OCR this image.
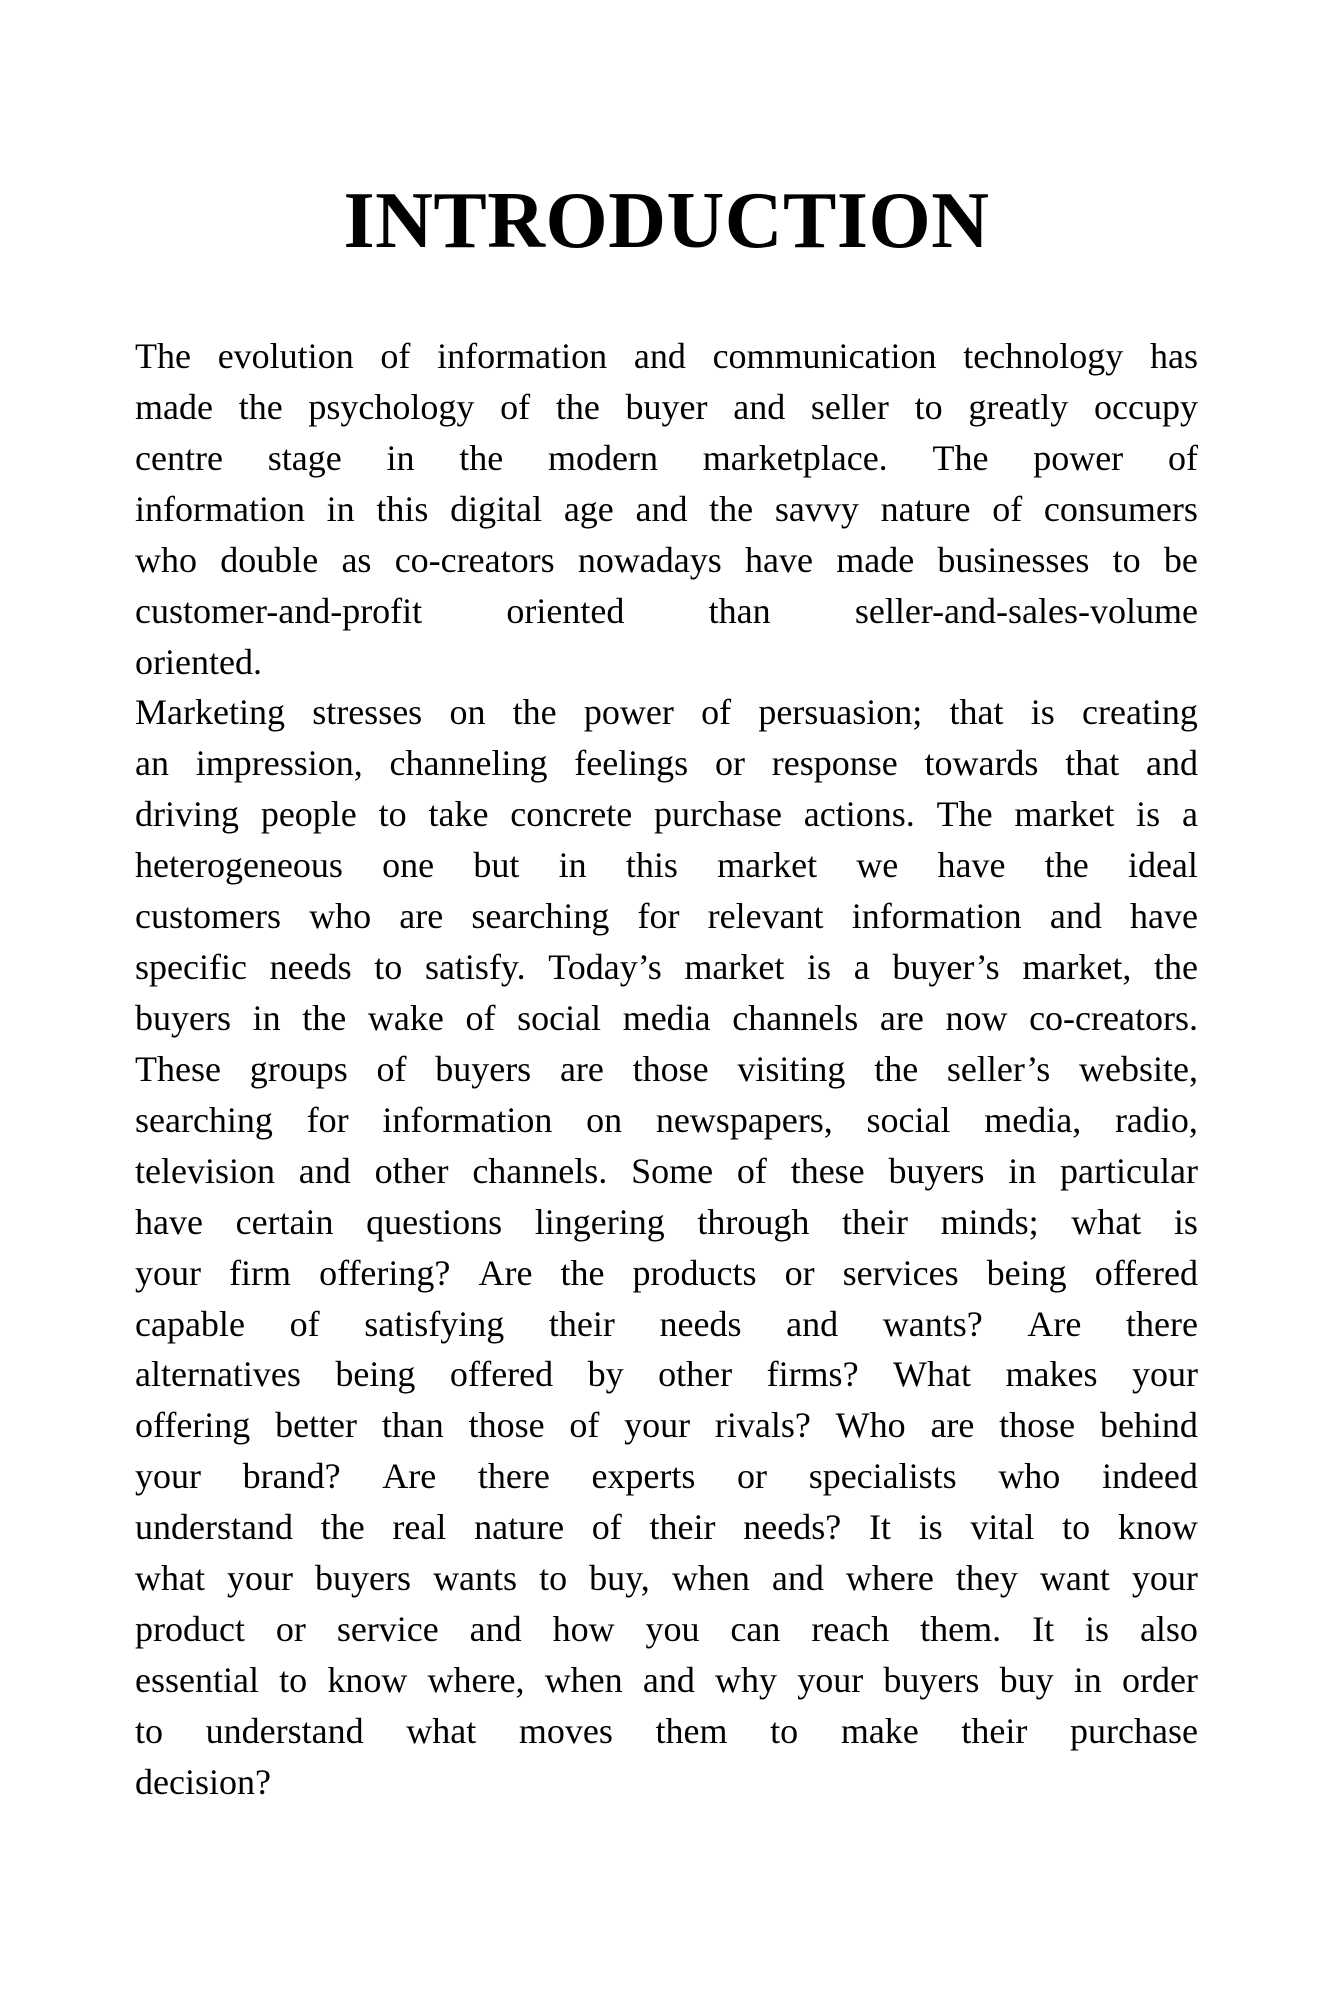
INTRODUCTION
The evolution of information and communication technology has
made the psychology of the buyer and seller to greatly occupy
centre stage in the modern marketplace. The power of
information in this digital age and the savvy nature of consumers
who double as co-creators nowadays have made businesses to be
customer-and-profit oriented than seller-and-sales-volume
oriented.
Marketing stresses on the power of persuasion; that is creating
an impression, channeling feelings or response towards that and
driving people to take concrete purchase actions. The market is a
heterogeneous one but in this market we have the ideal
customers who are searching for relevant information and have
specific needs to satisfy. Today’s market is a buyer’s market, the
buyers in the wake of social media channels are now co-creators.
These groups of buyers are those visiting the seller’s website,
searching for information on newspapers, social media, radio,
television and other channels. Some of these buyers in particular
have certain questions lingering through their minds; what is
your firm offering? Are the products or services being offered
capable of satisfying their needs and wants? Are there
alternatives being offered by other firms? What makes your
offering better than those of your rivals? Who are those behind
your brand? Are there experts or specialists who indeed
understand the real nature of their needs? It is vital to know
what your buyers wants to buy, when and where they want your
product or service and how you can reach them. It is also
essential to know where, when and why your buyers buy in order
to understand what moves them to make their purchase
decision?
